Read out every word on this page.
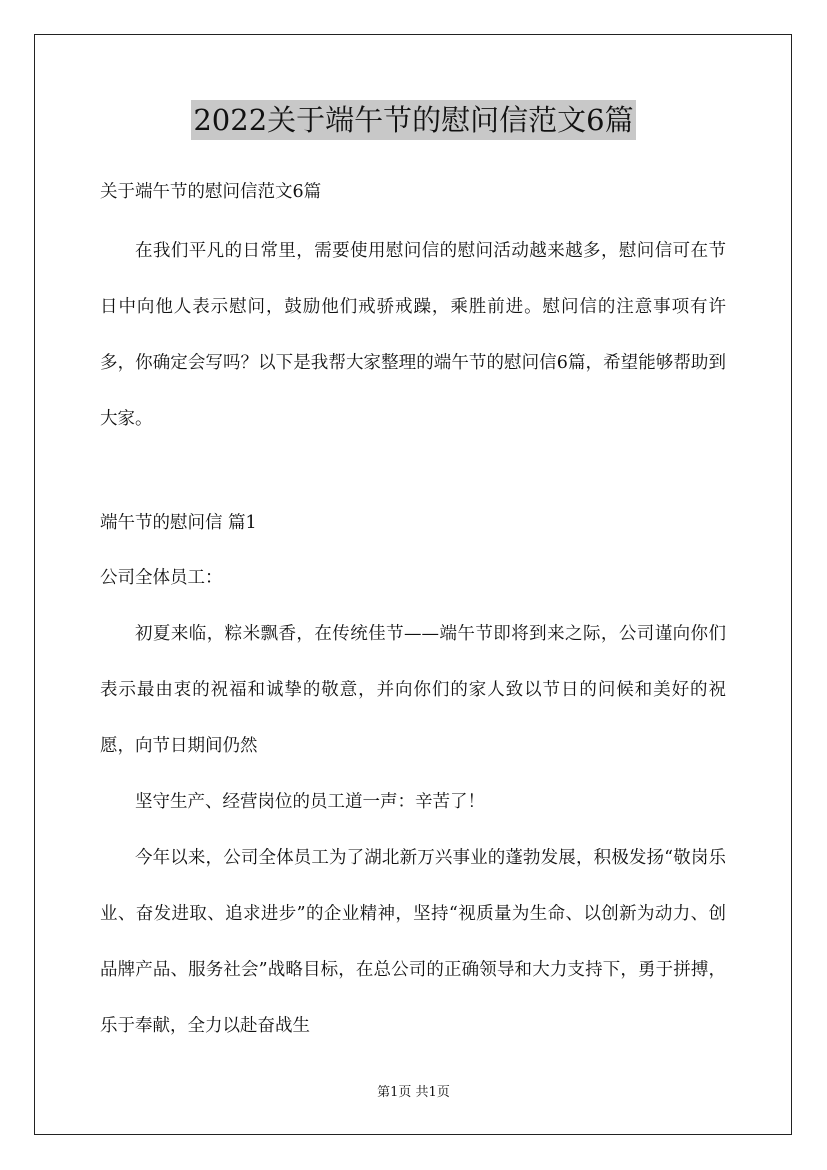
2022关于端午节的慰问信范文6篇

关于端午节的慰问信范文6篇

在我们平凡的日常里，需要使用慰问信的慰问活动越来越多，慰问信可在节日中向他人表示慰问，鼓励他们戒骄戒躁，乘胜前进。慰问信的注意事项有许多，你确定会写吗？以下是我帮大家整理的端午节的慰问信6篇，希望能够帮助到大家。

端午节的慰问信 篇1

公司全体员工：

初夏来临，粽米飘香，在传统佳节——端午节即将到来之际，公司谨向你们表示最由衷的祝福和诚挚的敬意，并向你们的家人致以节日的问候和美好的祝愿，向节日期间仍然

坚守生产、经营岗位的员工道一声：辛苦了！

今年以来，公司全体员工为了湖北新万兴事业的蓬勃发展，积极发扬“敬岗乐业、奋发进取、追求进步”的企业精神，坚持“视质量为生命、以创新为动力、创品牌产品、服务社会”战略目标，在总公司的正确领导和大力支持下，勇于拼搏，乐于奉献，全力以赴奋战生

第1页 共1页
